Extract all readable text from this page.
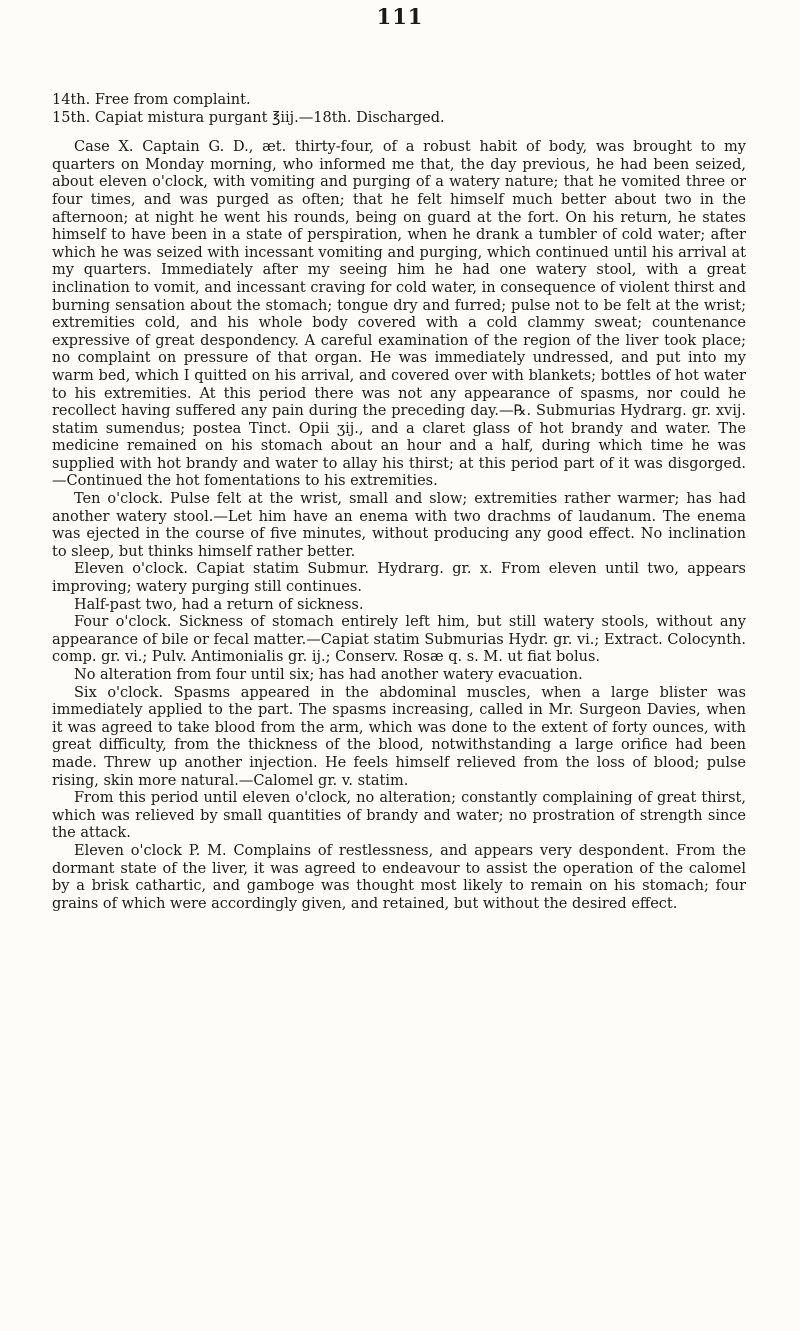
111

14th. Free from complaint.

15th. Capiat mistura purgant ℥iij.—18th. Discharged.

Case X. Captain G. D., æt. thirty-four, of a robust habit of body, was brought to my quarters on Monday morning, who informed me that, the day previous, he had been seized, about eleven o'clock, with vomiting and purging of a watery nature; that he vomited three or four times, and was purged as often; that he felt himself much better about two in the afternoon; at night he went his rounds, being on guard at the fort. On his return, he states himself to have been in a state of perspiration, when he drank a tumbler of cold water; after which he was seized with incessant vomiting and purging, which continued until his arrival at my quarters. Immediately after my seeing him he had one watery stool, with a great inclination to vomit, and incessant craving for cold water, in consequence of violent thirst and burning sensation about the stomach; tongue dry and furred; pulse not to be felt at the wrist; extremities cold, and his whole body covered with a cold clammy sweat; countenance expressive of great despondency. A careful examination of the region of the liver took place; no complaint on pressure of that organ. He was immediately undressed, and put into my warm bed, which I quitted on his arrival, and covered over with blankets; bottles of hot water to his extremities. At this period there was not any appearance of spasms, nor could he recollect having suffered any pain during the preceding day.—℞. Submurias Hydrarg. gr. xvij. statim sumendus; postea Tinct. Opii ʒij., and a claret glass of hot brandy and water. The medicine remained on his stomach about an hour and a half, during which time he was supplied with hot brandy and water to allay his thirst; at this period part of it was disgorged.—Continued the hot fomentations to his extremities.

Ten o'clock. Pulse felt at the wrist, small and slow; extremities rather warmer; has had another watery stool.—Let him have an enema with two drachms of laudanum. The enema was ejected in the course of five minutes, without producing any good effect. No inclination to sleep, but thinks himself rather better.

Eleven o'clock. Capiat statim Submur. Hydrarg. gr. x. From eleven until two, appears improving; watery purging still continues.

Half-past two, had a return of sickness.

Four o'clock. Sickness of stomach entirely left him, but still watery stools, without any appearance of bile or fecal matter.—Capiat statim Submurias Hydr. gr. vi.; Extract. Colocynth. comp. gr. vi.; Pulv. Antimonialis gr. ij.; Conserv. Rosæ q. s. M. ut fiat bolus.

No alteration from four until six; has had another watery evacuation.

Six o'clock. Spasms appeared in the abdominal muscles, when a large blister was immediately applied to the part. The spasms increasing, called in Mr. Surgeon Davies, when it was agreed to take blood from the arm, which was done to the extent of forty ounces, with great difficulty, from the thickness of the blood, notwithstanding a large orifice had been made. Threw up another injection. He feels himself relieved from the loss of blood; pulse rising, skin more natural.—Calomel gr. v. statim.

From this period until eleven o'clock, no alteration; constantly complaining of great thirst, which was relieved by small quantities of brandy and water; no prostration of strength since the attack.

Eleven o'clock P. M. Complains of restlessness, and appears very despondent. From the dormant state of the liver, it was agreed to endeavour to assist the operation of the calomel by a brisk cathartic, and gamboge was thought most likely to remain on his stomach; four grains of which were accordingly given, and retained, but without the desired effect.
